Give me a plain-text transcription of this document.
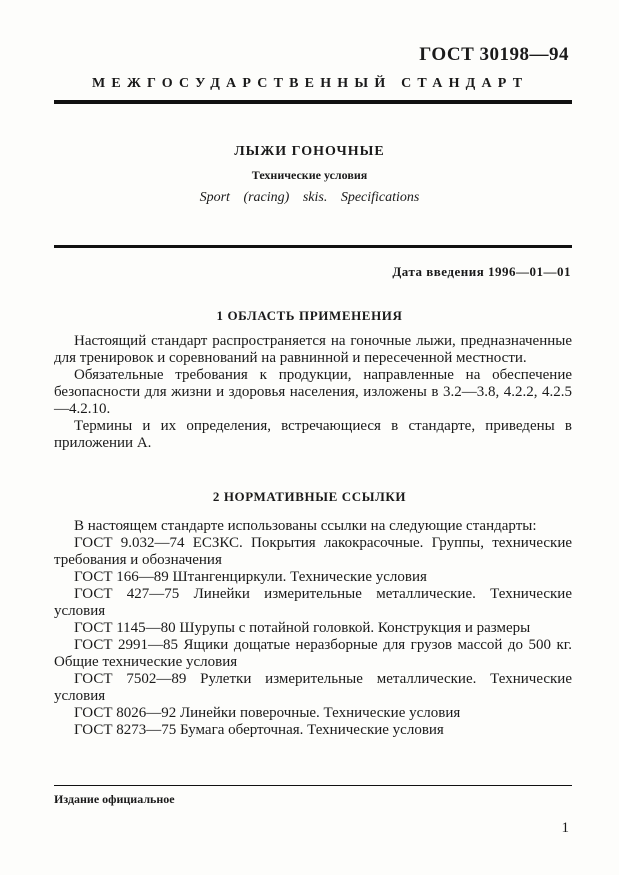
ГОСТ 30198—94
МЕЖГОСУДАРСТВЕННЫЙ СТАНДАРТ
ЛЫЖИ ГОНОЧНЫЕ
Технические условия
Sport (racing) skis. Specifications
Дата введения 1996—01—01
1 ОБЛАСТЬ ПРИМЕНЕНИЯ

Настоящий стандарт распространяется на гоночные лыжи, предназначенные для тренировок и соревнований на равнинной и пересеченной местности.

Обязательные требования к продукции, направленные на обеспечение безопасности для жизни и здоровья населения, изложены в 3.2—3.8, 4.2.2, 4.2.5—4.2.10.

Термины и их определения, встречающиеся в стандарте, приведены в приложении А.

2 НОРМАТИВНЫЕ ССЫЛКИ

В настоящем стандарте использованы ссылки на следующие стандарты:

ГОСТ 9.032—74 ЕСЗКС. Покрытия лакокрасочные. Группы, технические требования и обозначения

ГОСТ 166—89 Штангенциркули. Технические условия

ГОСТ 427—75 Линейки измерительные металлические. Технические условия

ГОСТ 1145—80 Шурупы с потайной головкой. Конструкция и размеры

ГОСТ 2991—85 Ящики дощатые неразборные для грузов массой до 500 кг. Общие технические условия

ГОСТ 7502—89 Рулетки измерительные металлические. Технические условия

ГОСТ 8026—92 Линейки поверочные. Технические условия

ГОСТ 8273—75 Бумага оберточная. Технические условия

Издание официальное
1
